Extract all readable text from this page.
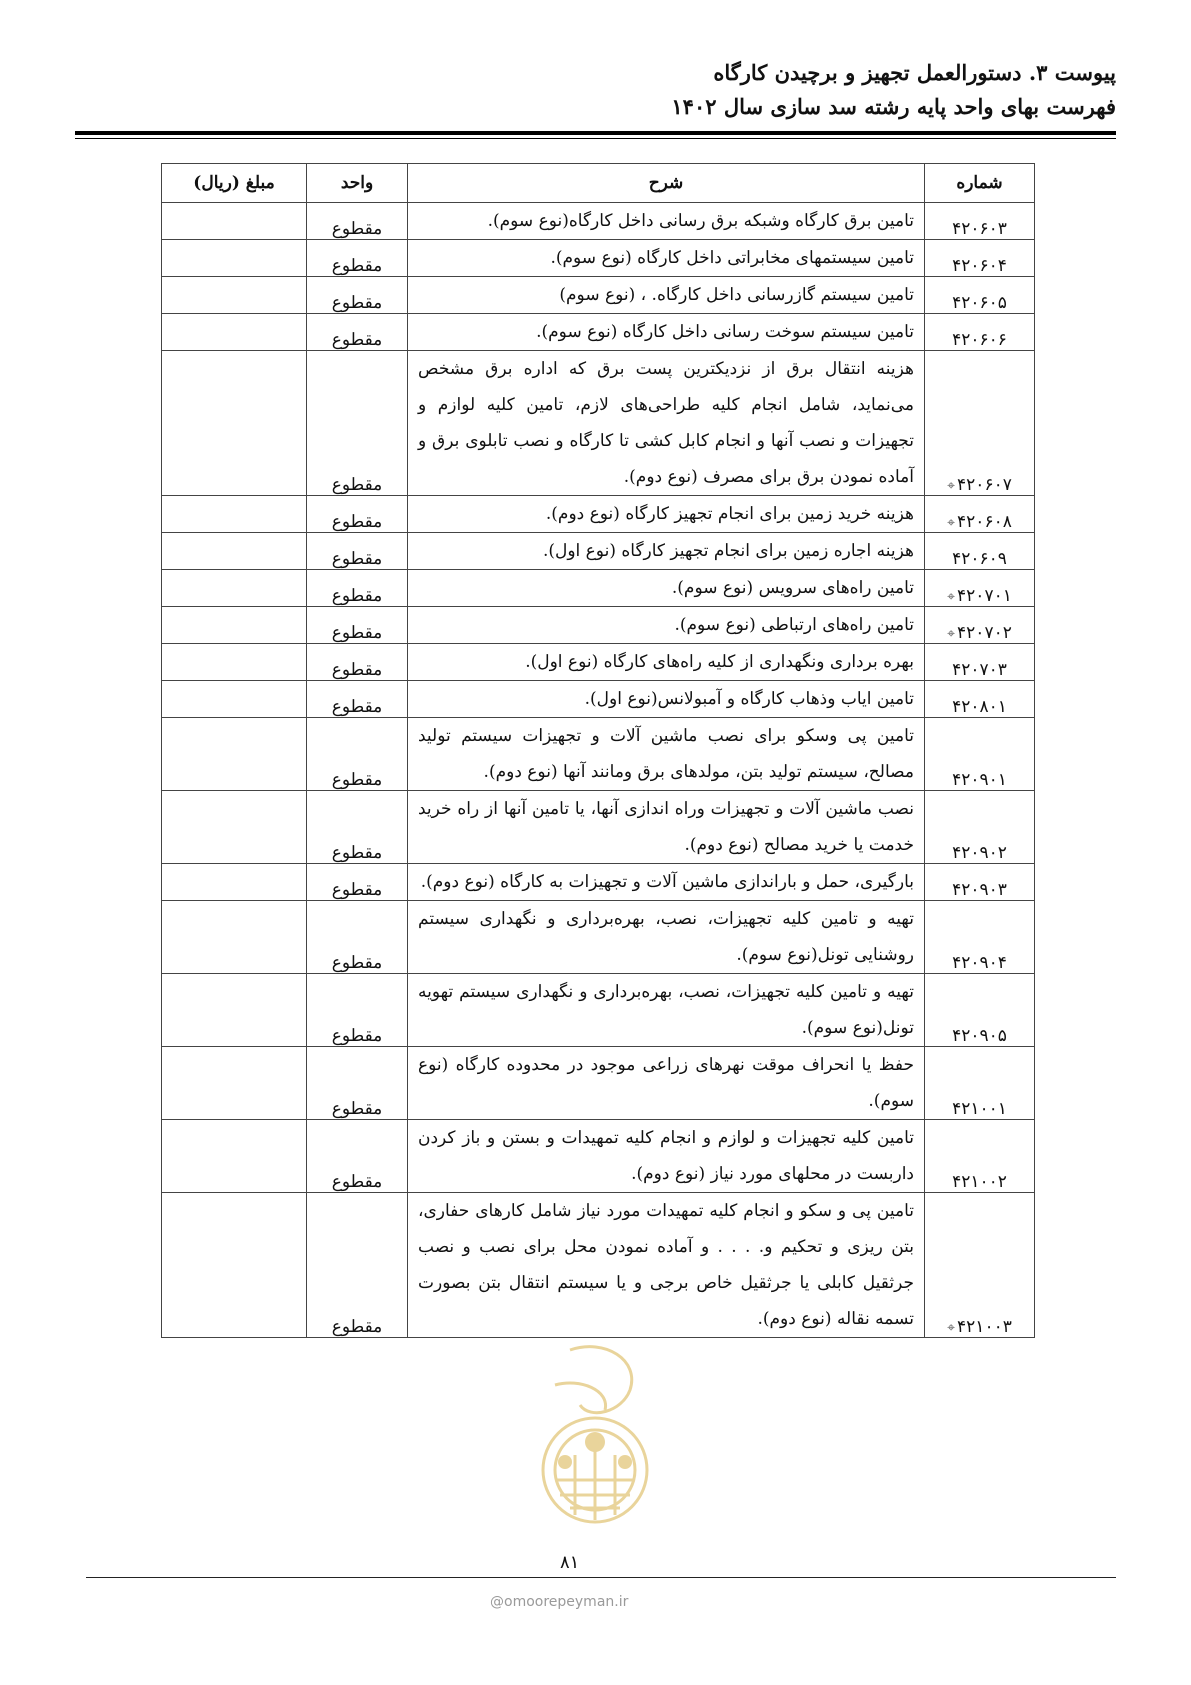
پیوست ۳. دستورالعمل تجهیز و برچیدن کارگاه
فهرست بهای واحد پایه رشته سد سازی سال ۱۴۰۲
شماره	شرح	واحد	مبلغ (ریال)
۴۲۰۶۰۳	تامین برق کارگاه وشبکه برق رسانی داخل کارگاه(نوع سوم).	مقطوع	
۴۲۰۶۰۴	تامین سیستمهای مخابراتی داخل کارگاه (نوع سوم).	مقطوع	
۴۲۰۶۰۵	تامین سیستم گازرسانی داخل کارگاه. ، (نوع سوم)	مقطوع	
۴۲۰۶۰۶	تامین سیستم سوخت رسانی داخل کارگاه (نوع سوم).	مقطوع	
۴۲۰۶۰۷⌖	هزینه انتقال برق از نزدیکترین پست برق که اداره برق مشخص می‌نماید، شامل انجام کلیه طراحی‌های لازم، تامین کلیه لوازم و تجهیزات و نصب آنها و انجام کابل کشی تا کارگاه و نصب تابلوی برق و آماده نمودن برق برای مصرف (نوع دوم).	مقطوع	
۴۲۰۶۰۸⌖	هزینه خرید زمین برای انجام تجهیز کارگاه (نوع دوم).	مقطوع	
۴۲۰۶۰۹	هزینه اجاره زمین برای انجام تجهیز کارگاه (نوع اول).	مقطوع	
۴۲۰۷۰۱⌖	تامین راه‌های سرویس (نوع سوم).	مقطوع	
۴۲۰۷۰۲⌖	تامین راه‌های ارتباطی (نوع سوم).	مقطوع	
۴۲۰۷۰۳	بهره برداری ونگهداری از کلیه راه‌های کارگاه (نوع اول).	مقطوع	
۴۲۰۸۰۱	تامین ایاب وذهاب کارگاه و آمبولانس(نوع اول).	مقطوع	
۴۲۰۹۰۱	تامین پی وسکو برای نصب ماشین آلات و تجهیزات سیستم تولید مصالح، سیستم تولید بتن، مولدهای برق ومانند آنها (نوع دوم).	مقطوع	
۴۲۰۹۰۲	نصب ماشین آلات و تجهیزات وراه اندازی آنها، یا تامین آنها از راه خرید خدمت یا خرید مصالح (نوع دوم).	مقطوع	
۴۲۰۹۰۳	بارگیری، حمل و باراندازی ماشین آلات و تجهیزات به کارگاه (نوع دوم).	مقطوع	
۴۲۰۹۰۴	تهیه و تامین کلیه تجهیزات، نصب، بهره‌برداری و نگهداری سیستم روشنایی تونل(نوع سوم).	مقطوع	
۴۲۰۹۰۵	تهیه و تامین کلیه تجهیزات، نصب، بهره‌برداری و نگهداری سیستم تهویه تونل(نوع سوم).	مقطوع	
۴۲۱۰۰۱	حفظ یا انحراف موقت نهرهای زراعی موجود در محدوده کارگاه (نوع سوم).	مقطوع	
۴۲۱۰۰۲	تامین کلیه تجهیزات و لوازم و انجام کلیه تمهیدات و بستن و باز کردن داربست در محلهای مورد نیاز (نوع دوم).	مقطوع	
۴۲۱۰۰۳⌖	تامین پی و سکو و انجام کلیه تمهیدات مورد نیاز شامل کارهای حفاری، بتن ریزی و تحکیم و. . . . و آماده نمودن محل برای نصب و نصب جرثقیل کابلی یا جرثقیل خاص برجی و یا سیستم انتقال بتن بصورت تسمه نقاله (نوع دوم).	مقطوع	
۸۱
@omoorepeyman.ir
